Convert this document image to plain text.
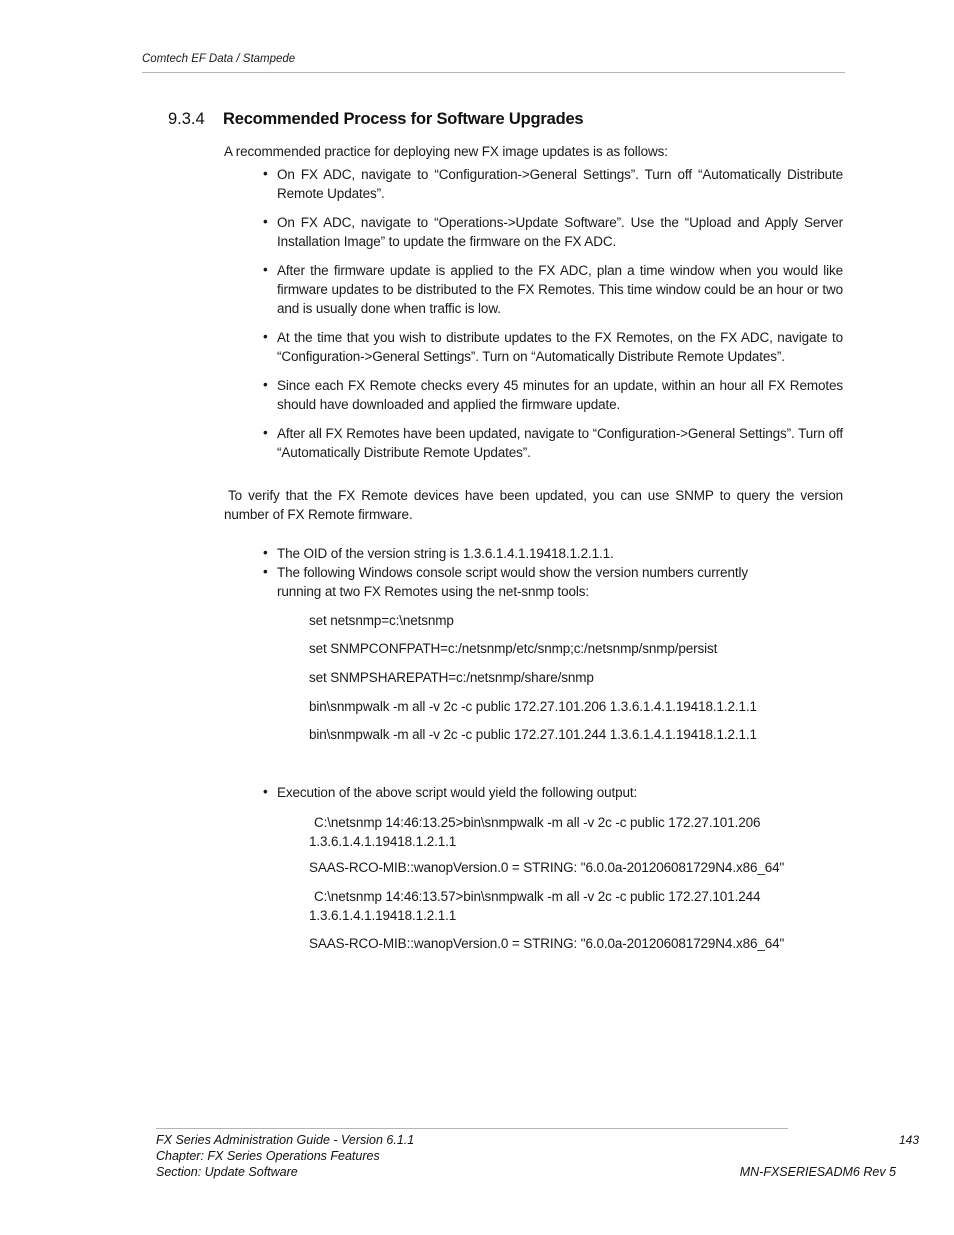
Comtech EF Data / Stampede
9.3.4	Recommended Process for Software Upgrades
A recommended practice for deploying new FX image updates is as follows:
• On FX ADC, navigate to “Configuration->General Settings”. Turn off “Automatically Distribute Remote Updates”.
• On FX ADC, navigate to “Operations->Update Software”. Use the “Upload and Apply Server Installation Image” to update the firmware on the FX ADC.
• After the firmware update is applied to the FX ADC, plan a time window when you would like firmware updates to be distributed to the FX Remotes. This time window could be an hour or two and is usually done when traffic is low.
• At the time that you wish to distribute updates to the FX Remotes, on the FX ADC, navigate to “Configuration->General Settings”. Turn on “Automatically Distribute Remote Updates”.
• Since each FX Remote checks every 45 minutes for an update, within an hour all FX Remotes should have downloaded and applied the firmware update.
• After all FX Remotes have been updated, navigate to “Configuration->General Settings”. Turn off “Automatically Distribute Remote Updates”.
To verify that the FX Remote devices have been updated, you can use SNMP to query the version number of FX Remote firmware.
• The OID of the version string is 1.3.6.1.4.1.19418.1.2.1.1.
• The following Windows console script would show the version numbers currently running at two FX Remotes using the net-snmp tools:
set netsnmp=c:\netsnmp
set SNMPCONFPATH=c:/netsnmp/etc/snmp;c:/netsnmp/snmp/persist
set SNMPSHAREPATH=c:/netsnmp/share/snmp
bin\snmpwalk -m all -v 2c -c public 172.27.101.206 1.3.6.1.4.1.19418.1.2.1.1
bin\snmpwalk -m all -v 2c -c public 172.27.101.244 1.3.6.1.4.1.19418.1.2.1.1
• Execution of the above script would yield the following output:
C:\netsnmp 14:46:13.25>bin\snmpwalk -m all -v 2c -c public 172.27.101.206
1.3.6.1.4.1.19418.1.2.1.1
SAAS-RCO-MIB::wanopVersion.0 = STRING: "6.0.0a-201206081729N4.x86_64"
C:\netsnmp 14:46:13.57>bin\snmpwalk -m all -v 2c -c public 172.27.101.244
1.3.6.1.4.1.19418.1.2.1.1
SAAS-RCO-MIB::wanopVersion.0 = STRING: "6.0.0a-201206081729N4.x86_64"
FX Series Administration Guide - Version 6.1.1
Chapter: FX Series Operations Features
Section: Update Software
143
MN-FXSERIESADM6 Rev 5
